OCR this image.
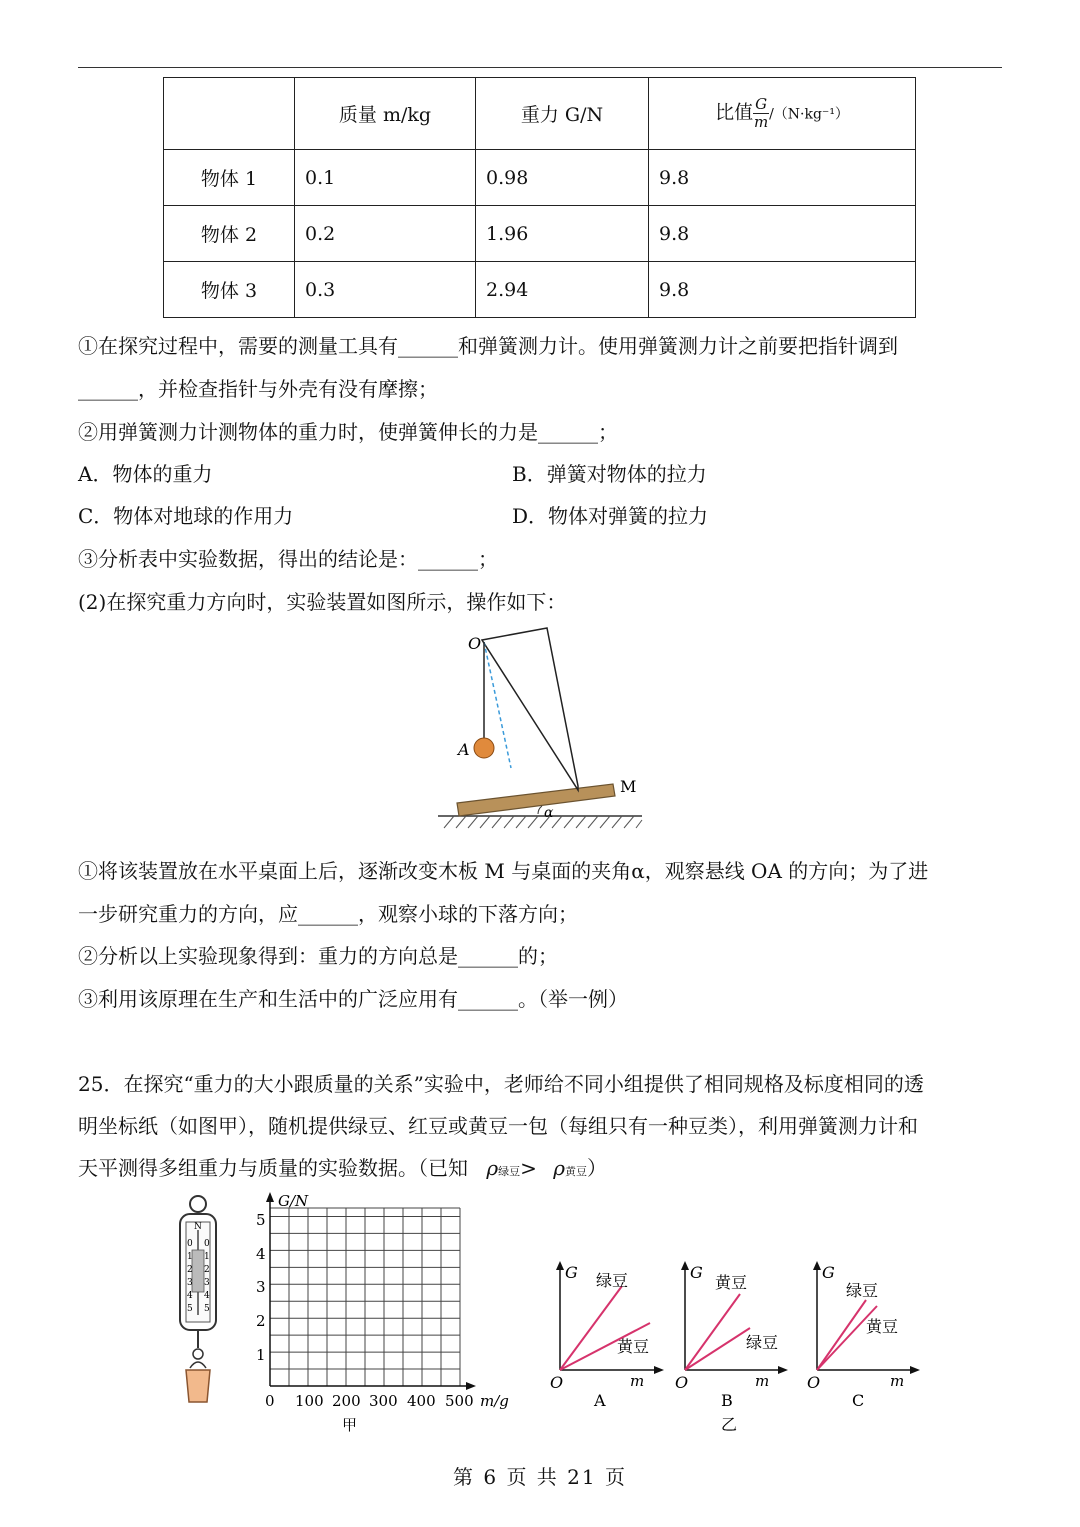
	质量 m/kg	重力 G/N	比值 $\frac{G}{m} /(N\cdot kg^{-1})$
物体 1	0.1	0.98	9.8
物体 2	0.2	1.96	9.8
物体 3	0.3	2.94	9.8
①在探究过程中，需要的测量工具有______和弹簧测力计。使用弹簧测力计之前要把指针调到
______，并检查指针与外壳有没有摩擦；
②用弹簧测力计测物体的重力时，使弹簧伸长的力是______；
A．物体的重力	B．弹簧对物体的拉力
C．物体对地球的作用力	D．物体对弹簧的拉力
③分析表中实验数据，得出的结论是：______；
(2)在探究重力方向时，实验装置如图所示，操作如下：
O
A
M
α
①将该装置放在水平桌面上后，逐渐改变木板 M 与桌面的夹角α，观察悬线 OA 的方向；为了进
一步研究重力的方向，应______，观察小球的下落方向；
②分析以上实验现象得到：重力的方向总是______的；
③利用该原理在生产和生活中的广泛应用有______。（举一例）
25．在探究“重力的大小跟质量的关系”实验中，老师给不同小组提供了相同规格及标度相同的透
明坐标纸（如图甲），随机提供绿豆、红豆或黄豆一包（每组只有一种豆类），利用弹簧测力计和
天平测得多组重力与质量的实验数据。（已知 ρ绿豆> ρ黄豆）
N
0
1
2
3
4
5
0
1
2
3
4
5
G/N
5
4
3
2
1
0 100 200 300 400 500 m/g
甲
G
m
O
绿豆
黄豆
A
G
m
O
黄豆
绿豆
B
乙
G
m
O
绿豆
黄豆
C
第 6 页 共 21 页
